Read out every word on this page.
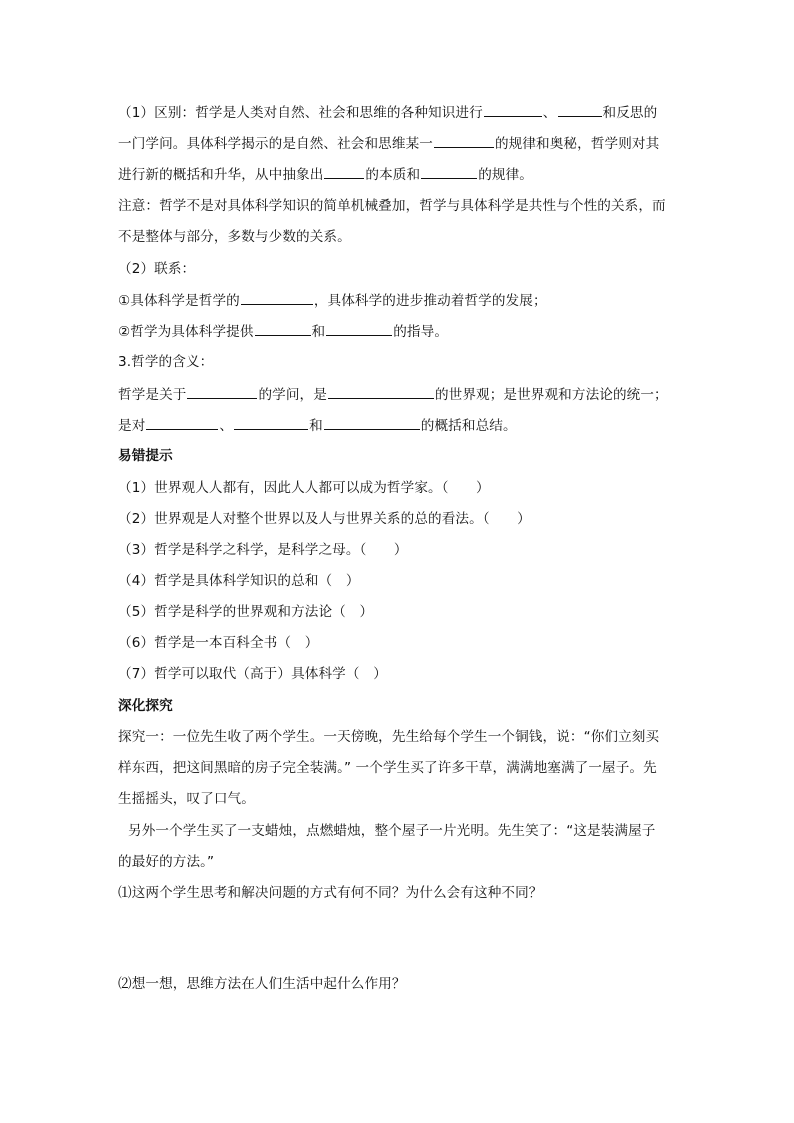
（1）区别：哲学是人类对自然、社会和思维的各种知识进行	、	和反思的
一门学问。具体科学揭示的是自然、社会和思维某一	的规律和奥秘，哲学则对其
进行新的概括和升华，从中抽象出	的本质和	的规律。
注意：哲学不是对具体科学知识的简单机械叠加，哲学与具体科学是共性与个性的关系，而
不是整体与部分，多数与少数的关系。
（2）联系：
①具体科学是哲学的	，具体科学的进步推动着哲学的发展；
②哲学为具体科学提供	和	的指导。
3.哲学的含义：
哲学是关于	的学问，是	的世界观；是世界观和方法论的统一；
是对	、	和	的概括和总结。
易错提示
（1）世界观人人都有，因此人人都可以成为哲学家。（　　）
（2）世界观是人对整个世界以及人与世界关系的总的看法。（　　）
（3）哲学是科学之科学，是科学之母。（　　）
（4）哲学是具体科学知识的总和（　）
（5）哲学是科学的世界观和方法论（　）
（6）哲学是一本百科全书（　）
（7）哲学可以取代（高于）具体科学（　）
深化探究
探究一：一位先生收了两个学生。一天傍晚，先生给每个学生一个铜钱，说：“你们立刻买
样东西，把这间黑暗的房子完全装满。” 一个学生买了许多干草，满满地塞满了一屋子。先
生摇摇头，叹了口气。
另外一个学生买了一支蜡烛，点燃蜡烛，整个屋子一片光明。先生笑了：“这是装满屋子
的最好的方法。”
⑴这两个学生思考和解决问题的方式有何不同？为什么会有这种不同？
⑵想一想，思维方法在人们生活中起什么作用？
